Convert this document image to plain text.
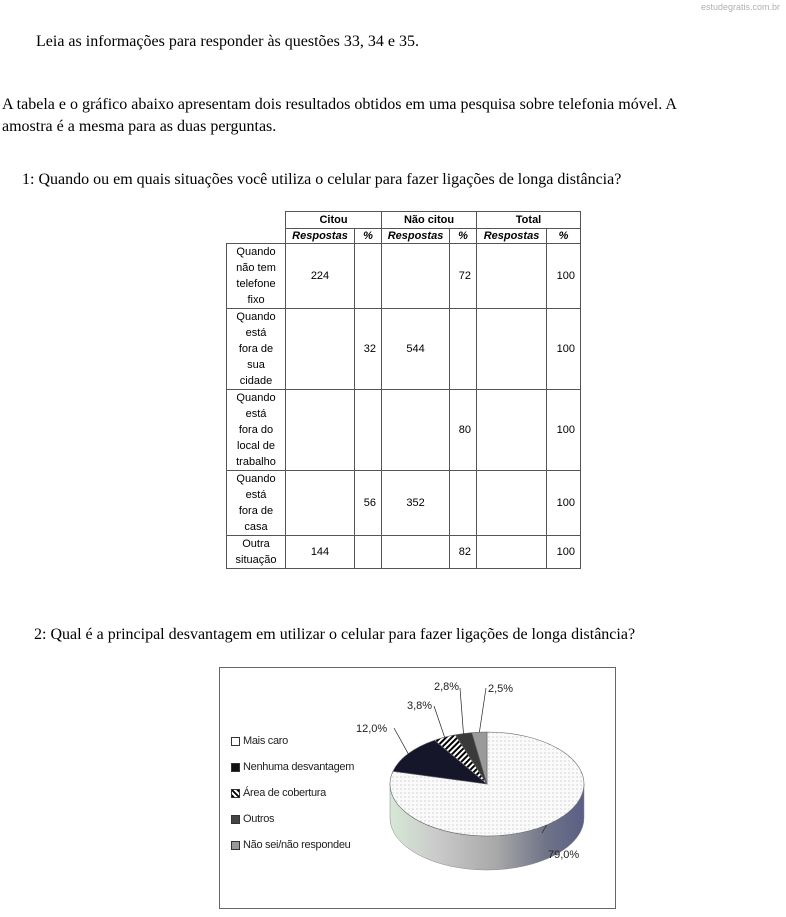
estudegratis.com.br
Leia as informações para responder às questões 33, 34 e 35.
A tabela e o gráfico abaixo apresentam dois resultados obtidos em uma pesquisa sobre telefonia móvel. A
amostra é a mesma para as duas perguntas.
1: Quando ou em quais situações você utiliza o celular para fazer ligações de longa distância?
	Citou		Não citou		Total	
	Respostas	%	Respostas	%	Respostas	%

Quando
não tem
telefone
fixo	224			72		100

Quando
está
fora de
sua
cidade		32	544			100

Quando
está
fora do
local de
trabalho				80		100

Quando
está
fora de
casa		56	352			100

Outra
situação	144			82		100
2: Qual é a principal desvantagem em utilizar o celular para fazer ligações de longa distância?
Mais caro
Nenhuma desvantagem
Área de cobertura
Outros
Não sei/não respondeu
79,0%
12,0%
3,8%
2,8%	2,5%
